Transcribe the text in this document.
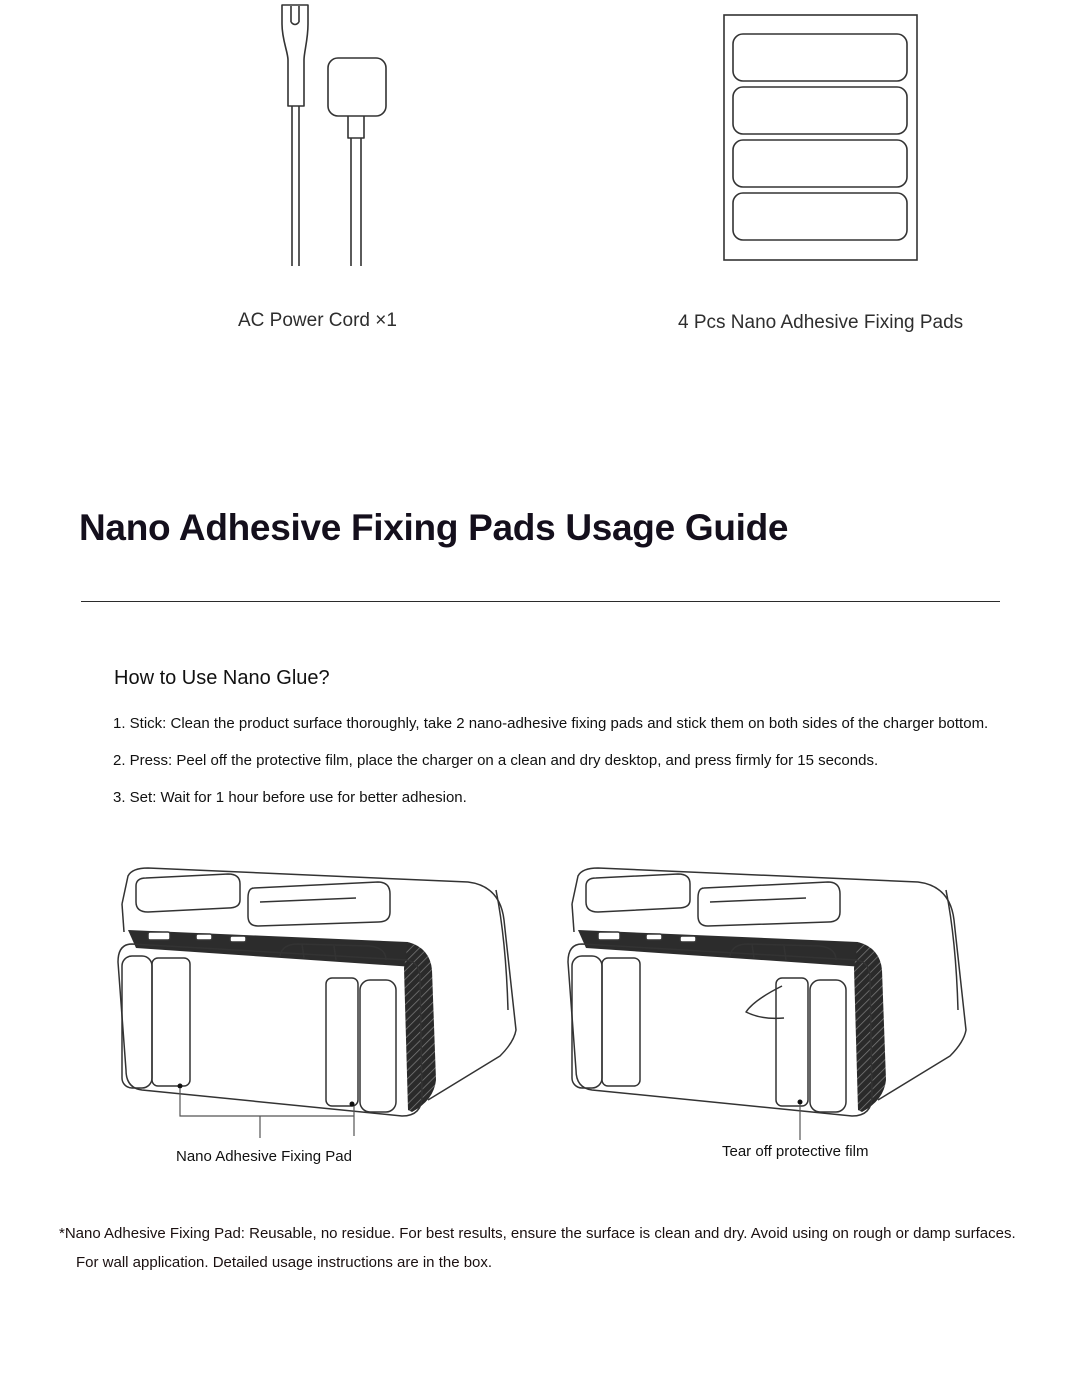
AC Power Cord ×1	4 Pcs Nano Adhesive Fixing Pads
Nano Adhesive Fixing Pads Usage Guide
How to Use Nano Glue?
1. Stick: Clean the product surface thoroughly, take 2 nano-adhesive fixing pads and stick them on both sides of the charger bottom.
2. Press: Peel off the protective film, place the charger on a clean and dry desktop, and press firmly for 15 seconds.
3. Set: Wait for 1 hour before use for better adhesion.
Nano Adhesive Fixing Pad	Tear off protective film
*Nano Adhesive Fixing Pad: Reusable, no residue. For best results, ensure the surface is clean and dry. Avoid using on rough or damp surfaces.
For wall application. Detailed usage instructions are in the box.
